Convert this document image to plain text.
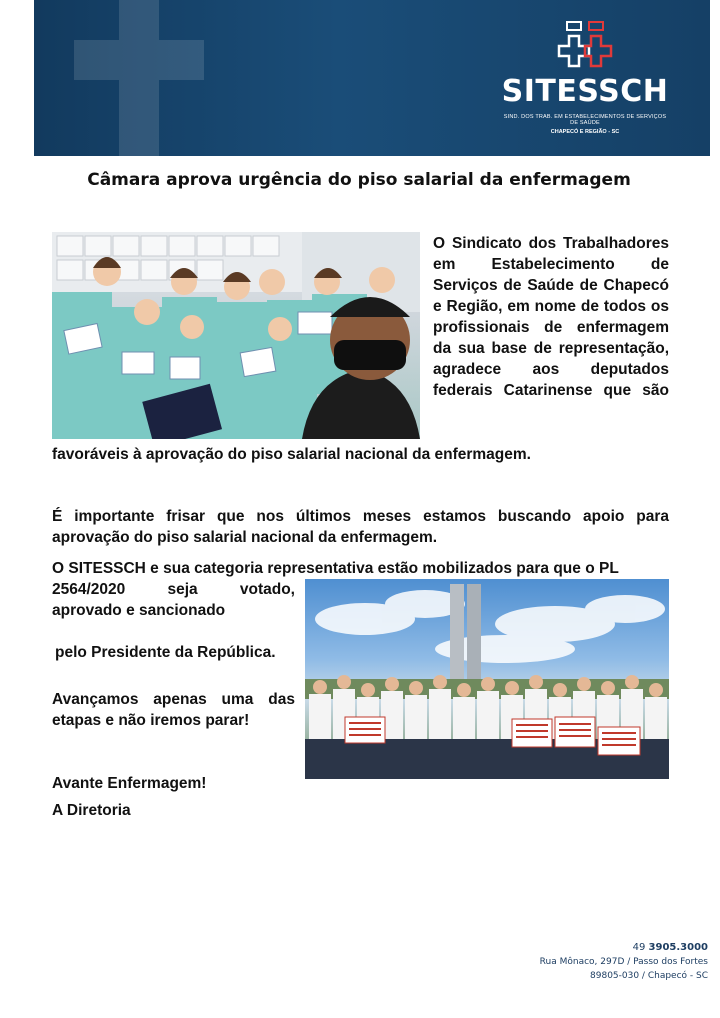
SITESSCH
SIND. DOS TRAB. EM ESTABELECIMENTOS DE SERVIÇOS DE SAÚDE
CHAPECÓ E REGIÃO - SC
Câmara aprova urgência do piso salarial da enfermagem
O Sindicato dos Trabalhadores em Estabelecimento de Serviços de Saúde de Chapecó e Região, em nome de todos os profissionais de enfermagem da sua base de representação, agradece aos deputados federais Catarinense que são
favoráveis à aprovação do piso salarial nacional da enfermagem.
É importante frisar que nos últimos meses estamos buscando apoio para aprovação do piso salarial nacional da enfermagem.
O SITESSCH e sua categoria representativa estão mobilizados para que o PL
2564/2020 seja votado,
aprovado e sancionado
pelo Presidente da República.
Avançamos apenas uma das etapas e não iremos parar!
Avante Enfermagem!
A Diretoria
49 3905.3000
Rua Mônaco, 297D / Passo dos Fortes
89805-030 / Chapecó - SC
